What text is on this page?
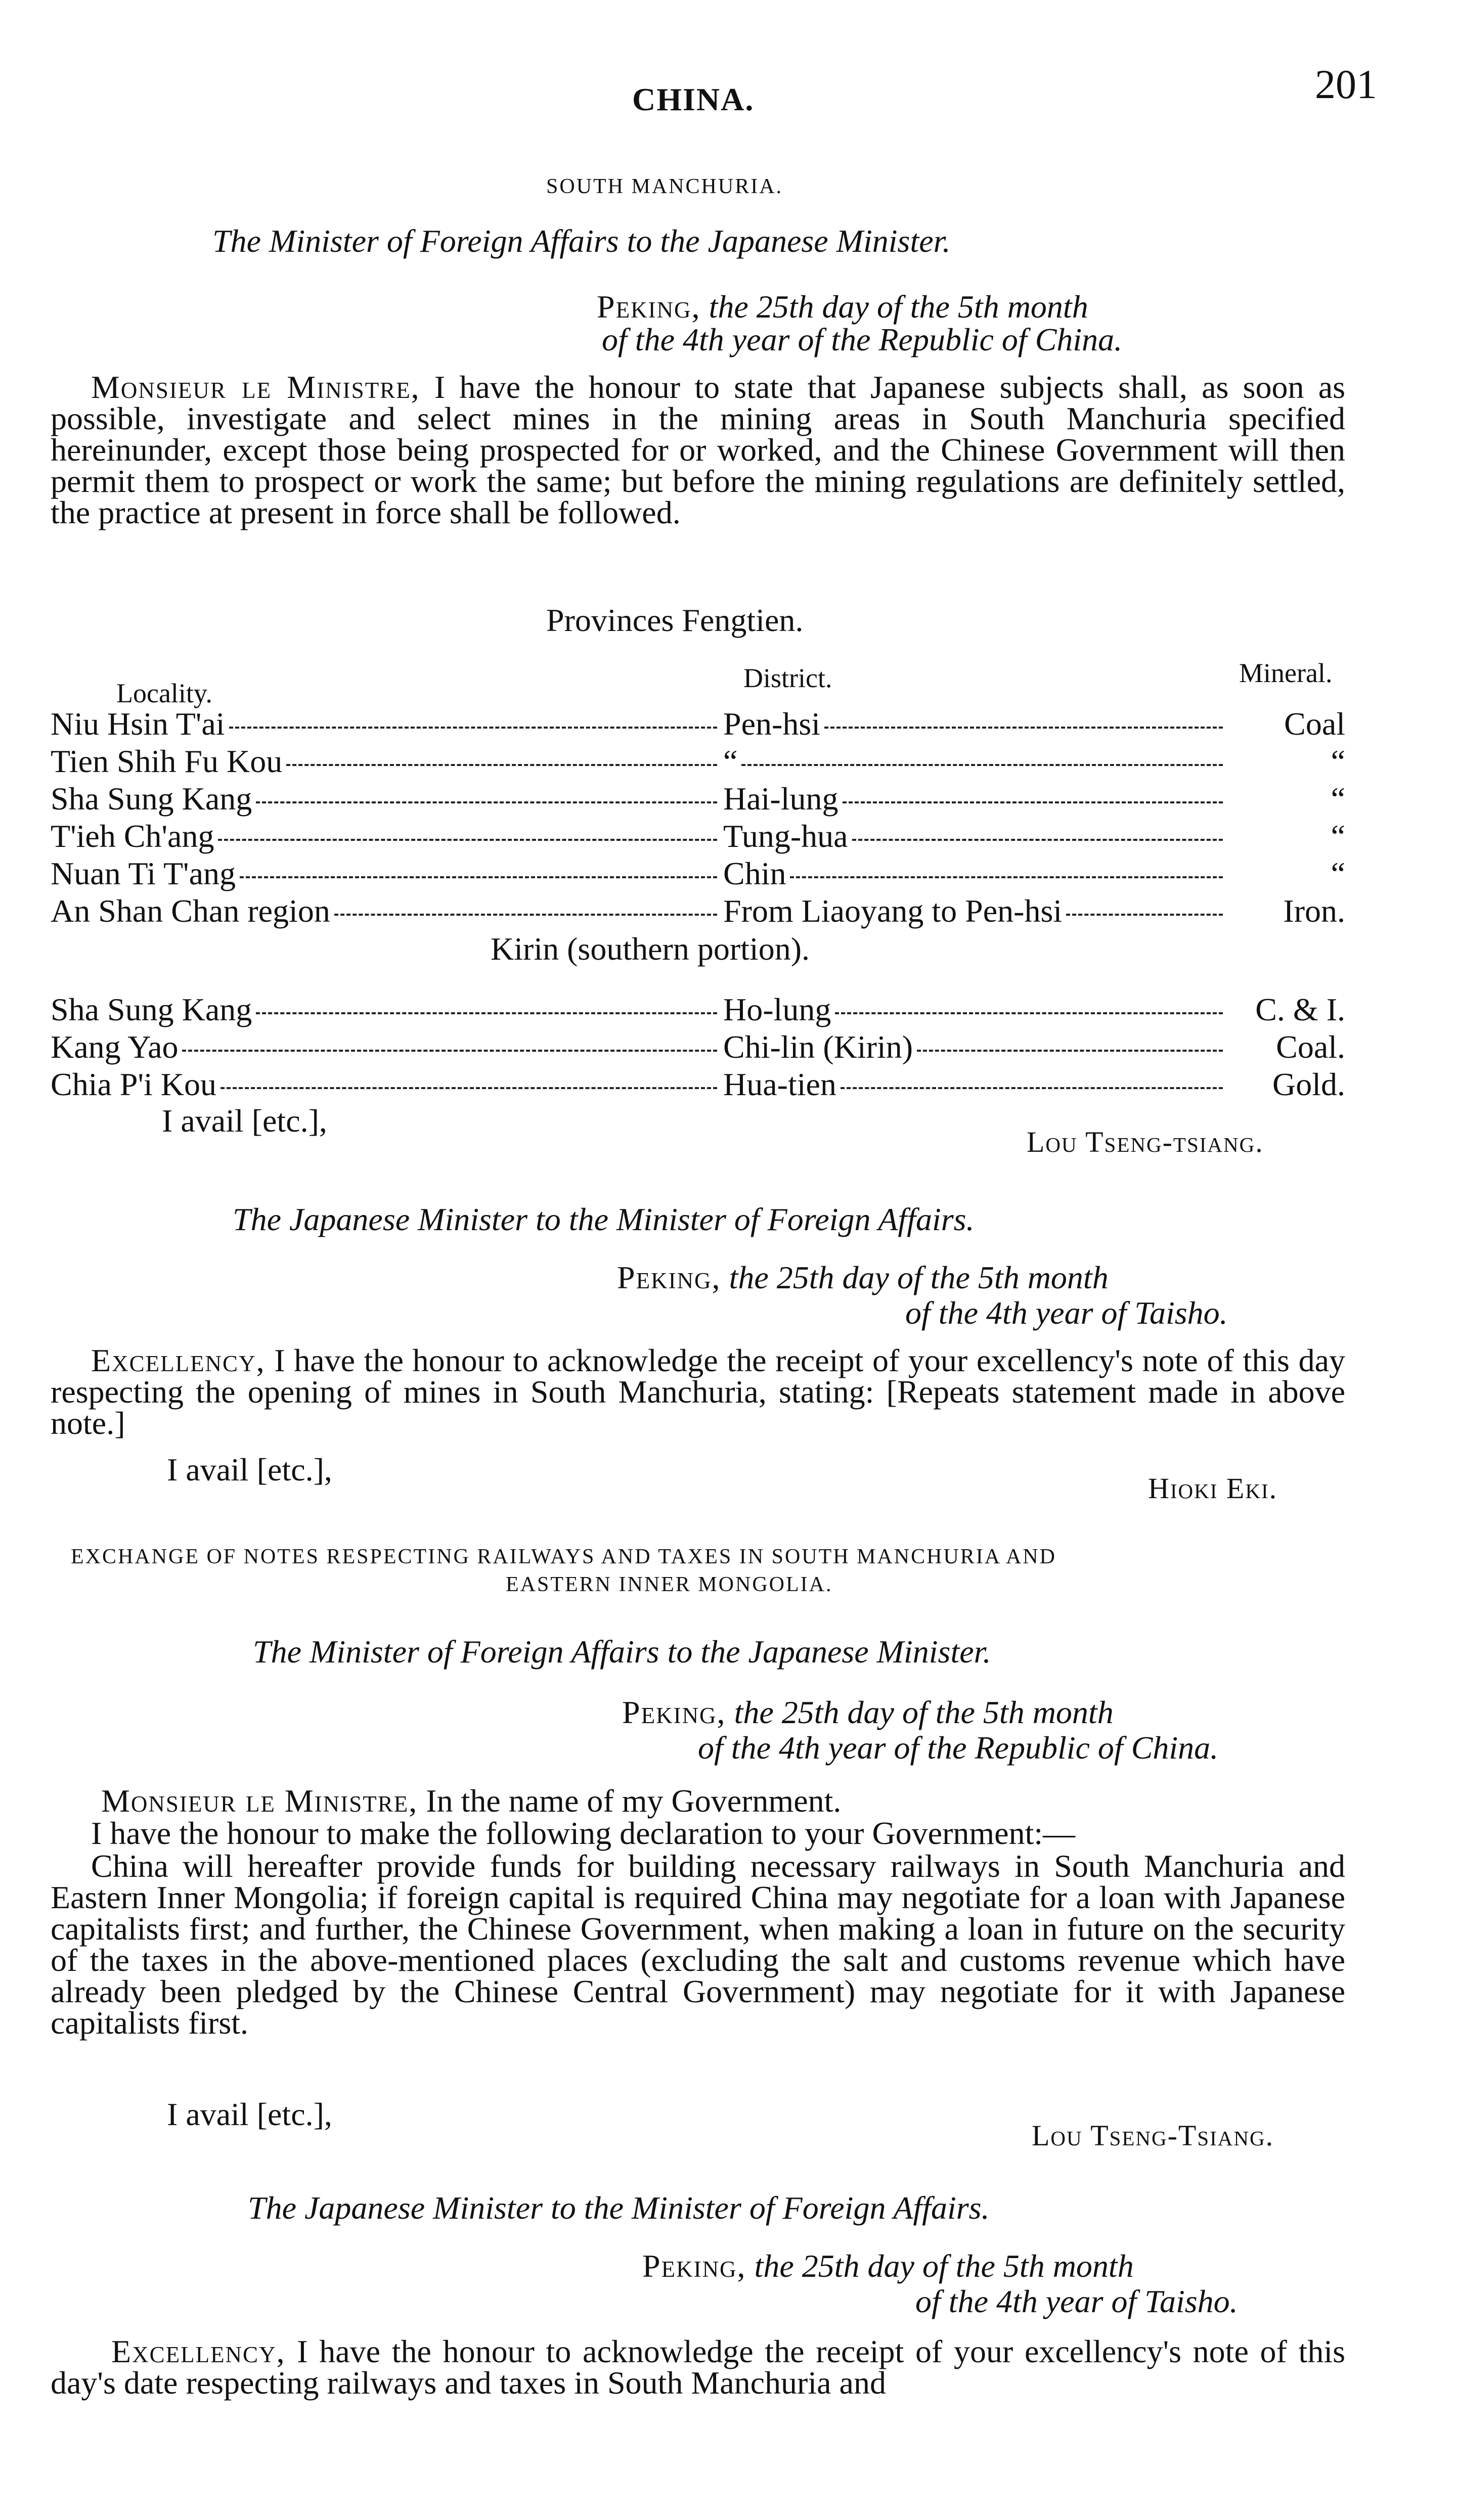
CHINA.	201
SOUTH MANCHURIA.
The Minister of Foreign Affairs to the Japanese Minister.
Peking, the 25th day of the 5th month
of the 4th year of the Republic of China.
Monsieur le Ministre, I have the honour to state that Japanese subjects shall, as soon as possible, investigate and select mines in the mining areas in South Manchuria specified hereinunder, except those being prospected for or worked, and the Chinese Government will then permit them to prospect or work the same; but before the mining regulations are definitely settled, the practice at present in force shall be followed.
Provinces Fengtien.
Locality.	District.	Mineral.
Niu Hsin T'ai	Pen-hsi	Coal
Tien Shih Fu Kou	“	“
Sha Sung Kang	Hai-lung	“
T'ieh Ch'ang	Tung-hua	“
Nuan Ti T'ang	Chin	“
An Shan Chan region	From Liaoyang to Pen-hsi	Iron.
Kirin (southern portion).
Sha Sung Kang	Ho-lung	C. & I.
Kang Yao	Chi-lin (Kirin)	Coal.
Chia P'i Kou	Hua-tien	Gold.
I avail [etc.],
Lou Tseng-tsiang.
The Japanese Minister to the Minister of Foreign Affairs.
Peking, the 25th day of the 5th month
of the 4th year of Taisho.
Excellency, I have the honour to acknowledge the receipt of your excellency's note of this day respecting the opening of mines in South Manchuria, stating: [Repeats statement made in above note.]
I avail [etc.],
Hioki Eki.
EXCHANGE OF NOTES RESPECTING RAILWAYS AND TAXES IN SOUTH MANCHURIA AND
EASTERN INNER MONGOLIA.
The Minister of Foreign Affairs to the Japanese Minister.
Peking, the 25th day of the 5th month
of the 4th year of the Republic of China.
Monsieur le Ministre, In the name of my Government.
I have the honour to make the following declaration to your Government:—
China will hereafter provide funds for building necessary railways in South Manchuria and Eastern Inner Mongolia; if foreign capital is required China may negotiate for a loan with Japanese capitalists first; and further, the Chinese Government, when making a loan in future on the security of the taxes in the above-mentioned places (excluding the salt and customs revenue which have already been pledged by the Chinese Central Government) may negotiate for it with Japanese capitalists first.
I avail [etc.],
Lou Tseng-Tsiang.
The Japanese Minister to the Minister of Foreign Affairs.
Peking, the 25th day of the 5th month
of the 4th year of Taisho.
Excellency, I have the honour to acknowledge the receipt of your excellency's note of this day's date respecting railways and taxes in South Manchuria and
